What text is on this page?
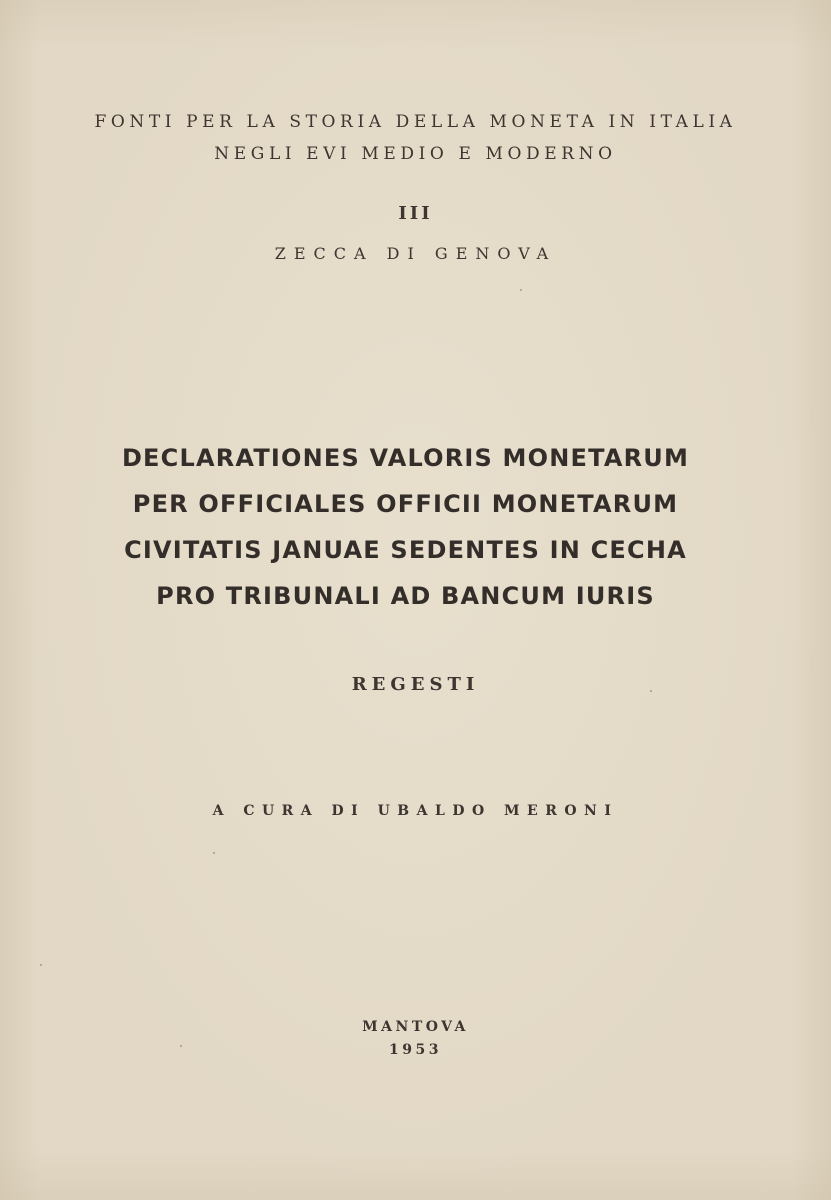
FONTI PER LA STORIA DELLA MONETA IN ITALIA
NEGLI EVI MEDIO E MODERNO
III
ZECCA DI GENOVA
DECLARATIONES VALORIS MONETARUM
PER OFFICIALES OFFICII MONETARUM
CIVITATIS JANUAE SEDENTES IN CECHA
PRO TRIBUNALI AD BANCUM IURIS
REGESTI
A CURA DI UBALDO MERONI
MANTOVA
1953
